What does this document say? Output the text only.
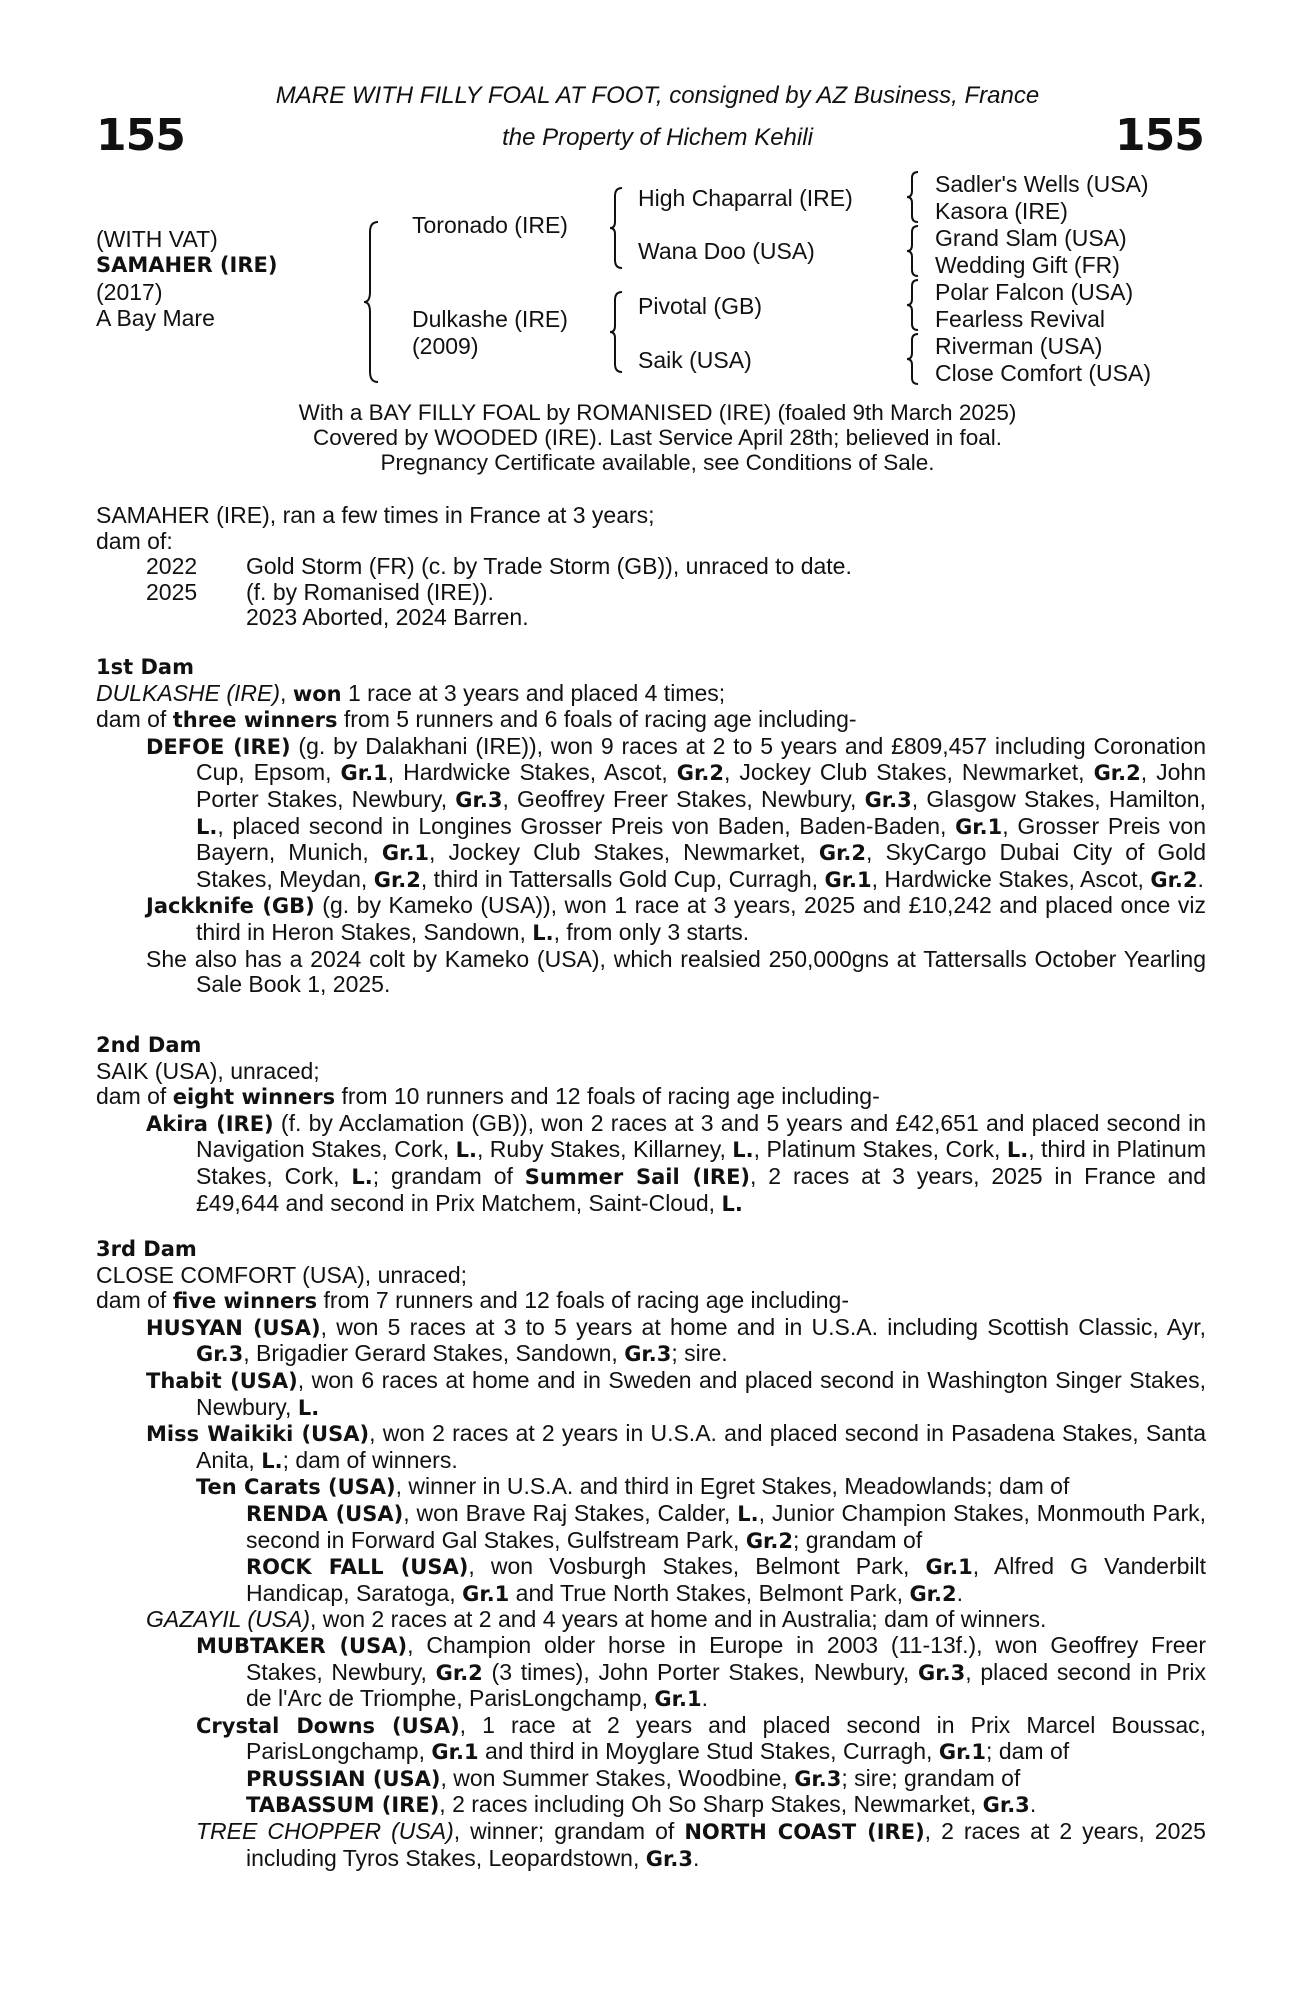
155	155
MARE WITH FILLY FOAL AT FOOT, consigned by AZ Business, France
the Property of Hichem Kehili
(WITH VAT)
SAMAHER (IRE)
(2017)
A Bay Mare
Toronado (IRE)
Dulkashe (IRE)
(2009)
High Chaparral (IRE)
Wana Doo (USA)
Pivotal (GB)
Saik (USA)
Sadler's Wells (USA)
Kasora (IRE)
Grand Slam (USA)
Wedding Gift (FR)
Polar Falcon (USA)
Fearless Revival
Riverman (USA)
Close Comfort (USA)
With a BAY FILLY FOAL by ROMANISED (IRE) (foaled 9th March 2025)
Covered by WOODED (IRE). Last Service April 28th; believed in foal.
Pregnancy Certificate available, see Conditions of Sale.
SAMAHER (IRE), ran a few times in France at 3 years;
dam of:
2022	Gold Storm (FR) (c. by Trade Storm (GB)), unraced to date.
2025	(f. by Romanised (IRE)).
2023 Aborted, 2024 Barren.
1st Dam
DULKASHE (IRE), won 1 race at 3 years and placed 4 times;
dam of three winners from 5 runners and 6 foals of racing age including-
DEFOE (IRE) (g. by Dalakhani (IRE)), won 9 races at 2 to 5 years and £809,457 including Coronation Cup, Epsom, Gr.1, Hardwicke Stakes, Ascot, Gr.2, Jockey Club Stakes, Newmarket, Gr.2, John Porter Stakes, Newbury, Gr.3, Geoffrey Freer Stakes, Newbury, Gr.3, Glasgow Stakes, Hamilton, L., placed second in Longines Grosser Preis von Baden, Baden-Baden, Gr.1, Grosser Preis von Bayern, Munich, Gr.1, Jockey Club Stakes, Newmarket, Gr.2, SkyCargo Dubai City of Gold Stakes, Meydan, Gr.2, third in Tattersalls Gold Cup, Curragh, Gr.1, Hardwicke Stakes, Ascot, Gr.2.
Jackknife (GB) (g. by Kameko (USA)), won 1 race at 3 years, 2025 and £10,242 and placed once viz third in Heron Stakes, Sandown, L., from only 3 starts.
She also has a 2024 colt by Kameko (USA), which realsied 250,000gns at Tattersalls October Yearling Sale Book 1, 2025.
2nd Dam
SAIK (USA), unraced;
dam of eight winners from 10 runners and 12 foals of racing age including-
Akira (IRE) (f. by Acclamation (GB)), won 2 races at 3 and 5 years and £42,651 and placed second in Navigation Stakes, Cork, L., Ruby Stakes, Killarney, L., Platinum Stakes, Cork, L., third in Platinum Stakes, Cork, L.; grandam of Summer Sail (IRE), 2 races at 3 years, 2025 in France and £49,644 and second in Prix Matchem, Saint-Cloud, L.
3rd Dam
CLOSE COMFORT (USA), unraced;
dam of five winners from 7 runners and 12 foals of racing age including-
HUSYAN (USA), won 5 races at 3 to 5 years at home and in U.S.A. including Scottish Classic, Ayr, Gr.3, Brigadier Gerard Stakes, Sandown, Gr.3; sire.
Thabit (USA), won 6 races at home and in Sweden and placed second in Washington Singer Stakes, Newbury, L.
Miss Waikiki (USA), won 2 races at 2 years in U.S.A. and placed second in Pasadena Stakes, Santa Anita, L.; dam of winners.
Ten Carats (USA), winner in U.S.A. and third in Egret Stakes, Meadowlands; dam of
RENDA (USA), won Brave Raj Stakes, Calder, L., Junior Champion Stakes, Monmouth Park, second in Forward Gal Stakes, Gulfstream Park, Gr.2; grandam of
ROCK FALL (USA), won Vosburgh Stakes, Belmont Park, Gr.1, Alfred G Vanderbilt Handicap, Saratoga, Gr.1 and True North Stakes, Belmont Park, Gr.2.
GAZAYIL (USA), won 2 races at 2 and 4 years at home and in Australia; dam of winners.
MUBTAKER (USA), Champion older horse in Europe in 2003 (11-13f.), won Geoffrey Freer Stakes, Newbury, Gr.2 (3 times), John Porter Stakes, Newbury, Gr.3, placed second in Prix de l'Arc de Triomphe, ParisLongchamp, Gr.1.
Crystal Downs (USA), 1 race at 2 years and placed second in Prix Marcel Boussac, ParisLongchamp, Gr.1 and third in Moyglare Stud Stakes, Curragh, Gr.1; dam of
PRUSSIAN (USA), won Summer Stakes, Woodbine, Gr.3; sire; grandam of
TABASSUM (IRE), 2 races including Oh So Sharp Stakes, Newmarket, Gr.3.
TREE CHOPPER (USA), winner; grandam of NORTH COAST (IRE), 2 races at 2 years, 2025 including Tyros Stakes, Leopardstown, Gr.3.
